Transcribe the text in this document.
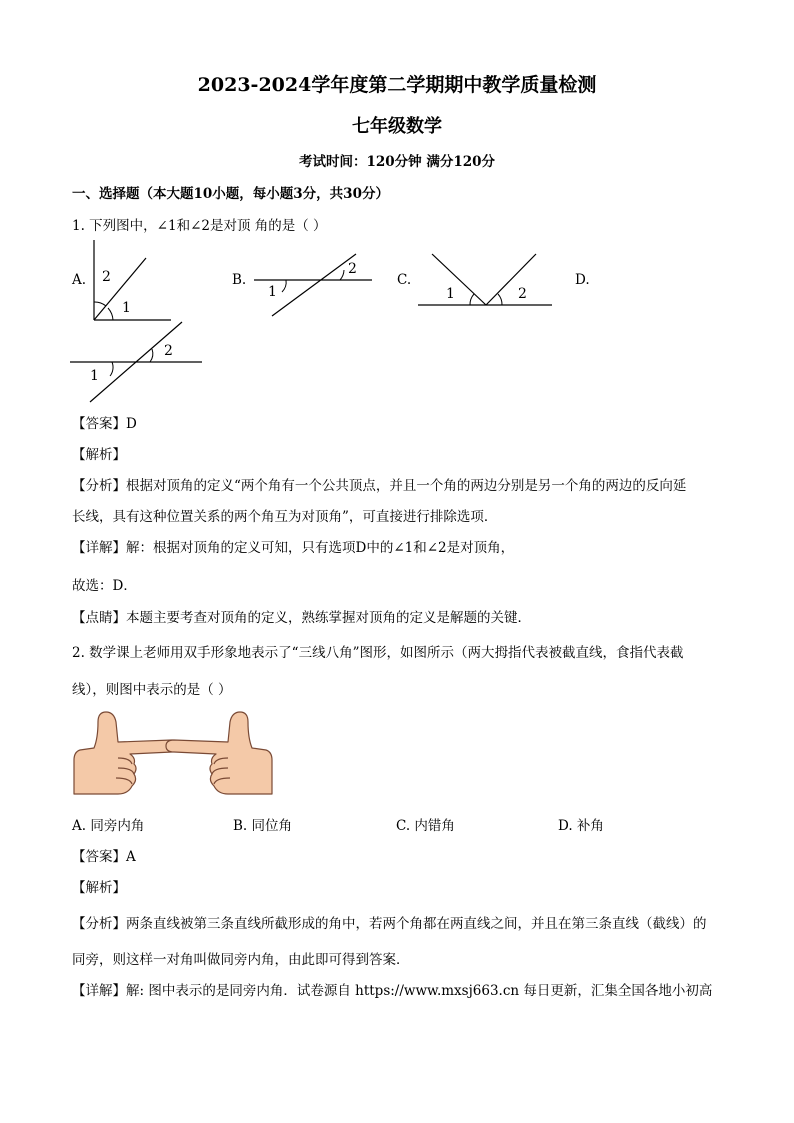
2023-2024学年度第二学期期中教学质量检测
七年级数学
考试时间：120分钟 满分120分
一、选择题（本大题10小题，每小题3分，共30分）
1. 下列图中，∠1和∠2是对顶 角的是（ ）
A.	B.	C.	D.
2
1
2
1	1	2
2
1
【答案】D
【解析】
【分析】根据对顶角的定义“两个角有一个公共顶点，并且一个角的两边分别是另一个角的两边的反向延
长线，具有这种位置关系的两个角互为对顶角”，可直接进行排除选项．
【详解】解：根据对顶角的定义可知，只有选项D中的∠1和∠2是对顶角，
故选：D．
【点睛】本题主要考查对顶角的定义，熟练掌握对顶角的定义是解题的关键．
2. 数学课上老师用双手形象地表示了“三线八角”图形，如图所示（两大拇指代表被截直线，食指代表截
线），则图中表示的是（ ）
A. 同旁内角	B. 同位角	C. 内错角	D. 补角
【答案】A
【解析】
【分析】两条直线被第三条直线所截形成的角中，若两个角都在两直线之间，并且在第三条直线（截线）的
同旁，则这样一对角叫做同旁内角，由此即可得到答案．
【详解】解: 图中表示的是同旁内角．试卷源自 https://www.mxsj663.cn 每日更新，汇集全国各地小初高
